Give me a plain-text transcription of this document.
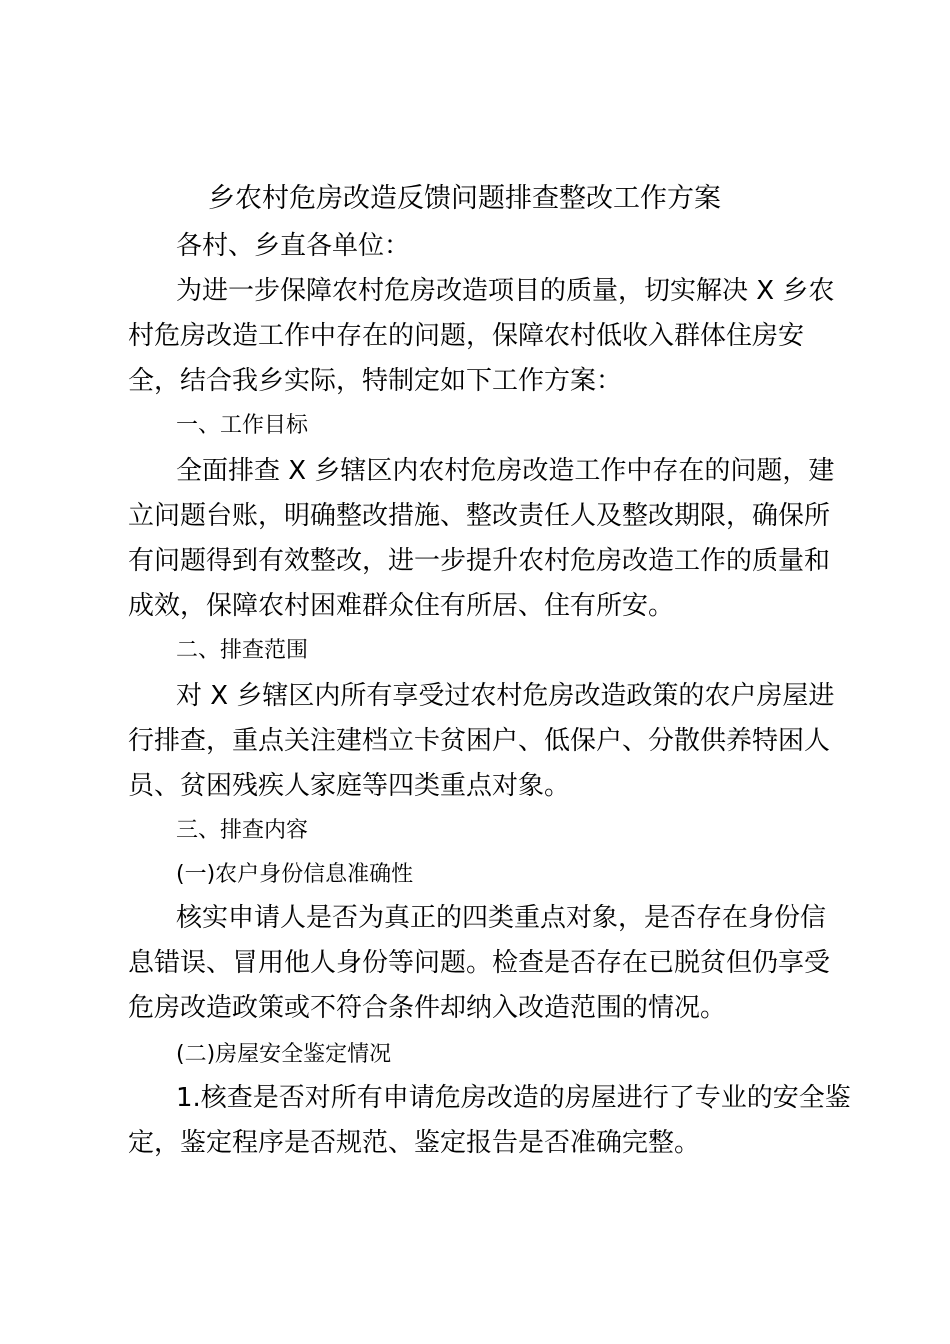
乡农村危房改造反馈问题排查整改工作方案
各村、乡直各单位：
为进一步保障农村危房改造项目的质量，切实解决 X 乡农
村危房改造工作中存在的问题，保障农村低收入群体住房安
全，结合我乡实际，特制定如下工作方案：
一、工作目标
全面排查 X 乡辖区内农村危房改造工作中存在的问题，建
立问题台账，明确整改措施、整改责任人及整改期限，确保所
有问题得到有效整改，进一步提升农村危房改造工作的质量和
成效，保障农村困难群众住有所居、住有所安。
二、排查范围
对 X 乡辖区内所有享受过农村危房改造政策的农户房屋进
行排查，重点关注建档立卡贫困户、低保户、分散供养特困人
员、贫困残疾人家庭等四类重点对象。
三、排查内容
(一)农户身份信息准确性
核实申请人是否为真正的四类重点对象，是否存在身份信
息错误、冒用他人身份等问题。检查是否存在已脱贫但仍享受
危房改造政策或不符合条件却纳入改造范围的情况。
(二)房屋安全鉴定情况
1.核查是否对所有申请危房改造的房屋进行了专业的安全鉴
定，鉴定程序是否规范、鉴定报告是否准确完整。
